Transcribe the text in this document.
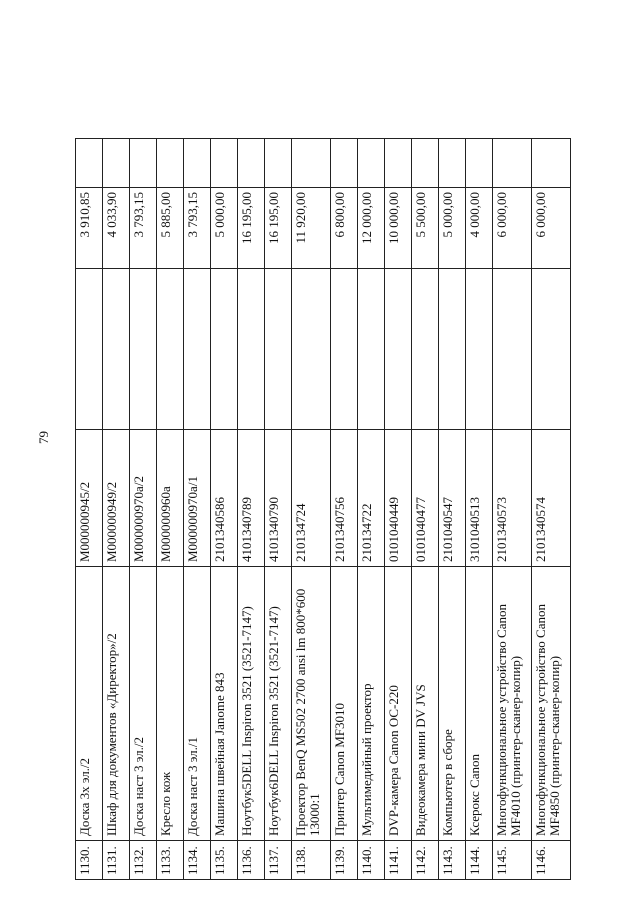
79
1130.	Доска 3х эл./2	М000000945/2		3 910,85	
1131.	Шкаф для документов «Директор»/2	М000000949/2		4 033,90	
1132.	Доска наст 3 эл./2	М000000970а/2		3 793,15	
1133.	Кресло кож	М000000960а		5 885,00	
1134.	Доска наст 3 эл./1	М000000970а/1		3 793,15	
1135.	Машина швейная Janome 843	2101340586		5 000,00	
1136.	Ноутбук5DELL Inspiron 3521 (3521-7147)	4101340789		16 195,00	
1137.	Ноутбук6DELL Inspiron 3521 (3521-7147)	4101340790		16 195,00	
1138.	Проектор BenQ MS502 2700 ansi lm 800*600 13000:1	210134724		11 920,00	
1139.	Принтер Canon MF3010	2101340756		6 800,00	
1140.	Мультимедийный проектор	210134722		12 000,00	
1141.	DVP-камера Canon OC-220	0101040449		10 000,00	
1142.	Видеокамера мини DV JVS	0101040477		5 500,00	
1143.	Компьютер в сборе	2101040547		5 000,00	
1144.	Ксерокс Canon	3101040513		4 000,00	
1145.	Многофункциональное устройство Canon MF4010 (принтер-сканер-копир)	2101340573		6 000,00	
1146.	Многофункциональное устройство Canon MF4850 (принтер-сканер-копир)	2101340574		6 000,00	
